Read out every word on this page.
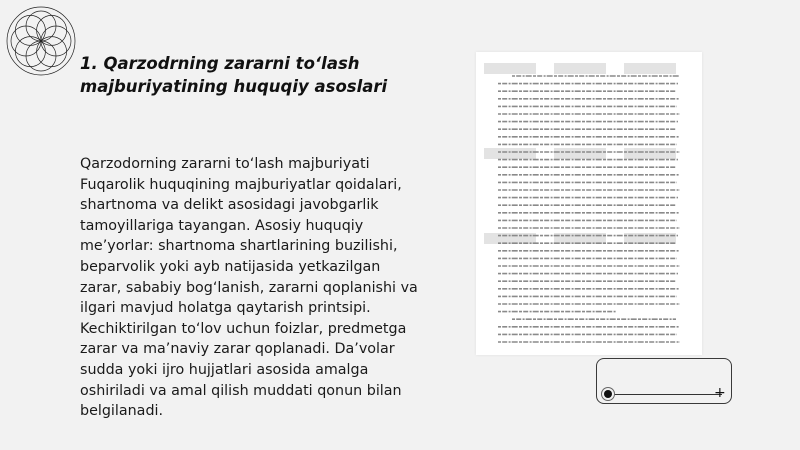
1. Qarzodrning zararni to‘lash majburiyatining huquqiy asoslari
Qarzodorning zararni to‘lash majburiyati Fuqarolik huquqining majburiyatlar qoidalari, shartnoma va delikt asosidagi javobgarlik tamoyillariga tayangan. Asosiy huquqiy me’yorlar: shartnoma shartlarining buzilishi, beparvolik yoki ayb natijasida yetkazilgan zarar, sababiy bog‘lanish, zararni qoplanishi va ilgari mavjud holatga qaytarish printsipi. Kechiktirilgan to‘lov uchun foizlar, predmetga zarar va ma’naviy zarar qoplanadi. Da’volar sudda yoki ijro hujjatlari asosida amalga oshiriladi va amal qilish muddati qonun bilan belgilanadi.
+
